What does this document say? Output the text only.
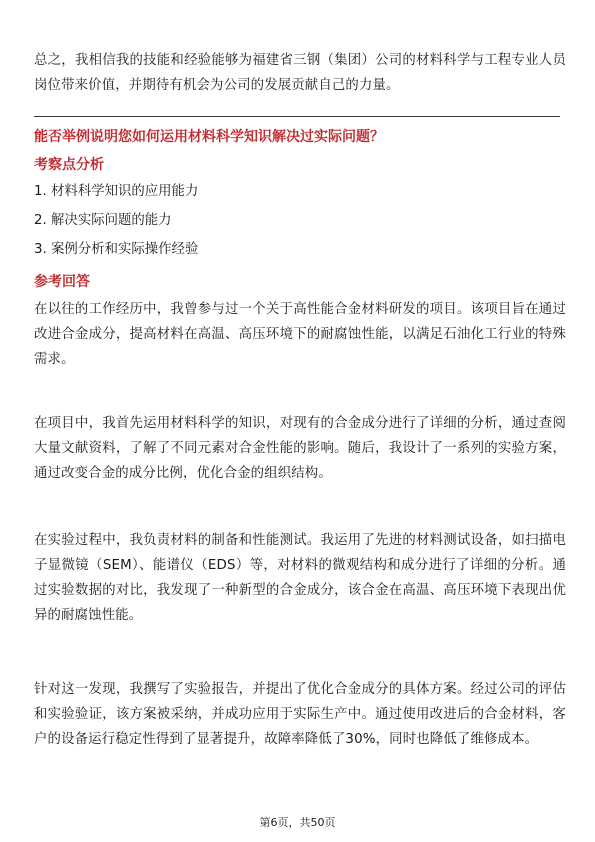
总之，我相信我的技能和经验能够为福建省三钢（集团）公司的材料科学与工程专业人员岗位带来价值，并期待有机会为公司的发展贡献自己的力量。

能否举例说明您如何运用材料科学知识解决过实际问题？

考察点分析

1. 材料科学知识的应用能力

2. 解决实际问题的能力

3. 案例分析和实际操作经验

参考回答

在以往的工作经历中，我曾参与过一个关于高性能合金材料研发的项目。该项目旨在通过改进合金成分，提高材料在高温、高压环境下的耐腐蚀性能，以满足石油化工行业的特殊需求。

在项目中，我首先运用材料科学的知识，对现有的合金成分进行了详细的分析，通过查阅大量文献资料，了解了不同元素对合金性能的影响。随后，我设计了一系列的实验方案，通过改变合金的成分比例，优化合金的组织结构。

在实验过程中，我负责材料的制备和性能测试。我运用了先进的材料测试设备，如扫描电子显微镜（SEM）、能谱仪（EDS）等，对材料的微观结构和成分进行了详细的分析。通过实验数据的对比，我发现了一种新型的合金成分，该合金在高温、高压环境下表现出优异的耐腐蚀性能。

针对这一发现，我撰写了实验报告，并提出了优化合金成分的具体方案。经过公司的评估和实验验证，该方案被采纳，并成功应用于实际生产中。通过使用改进后的合金材料，客户的设备运行稳定性得到了显著提升，故障率降低了30%，同时也降低了维修成本。

第6页，共50页
